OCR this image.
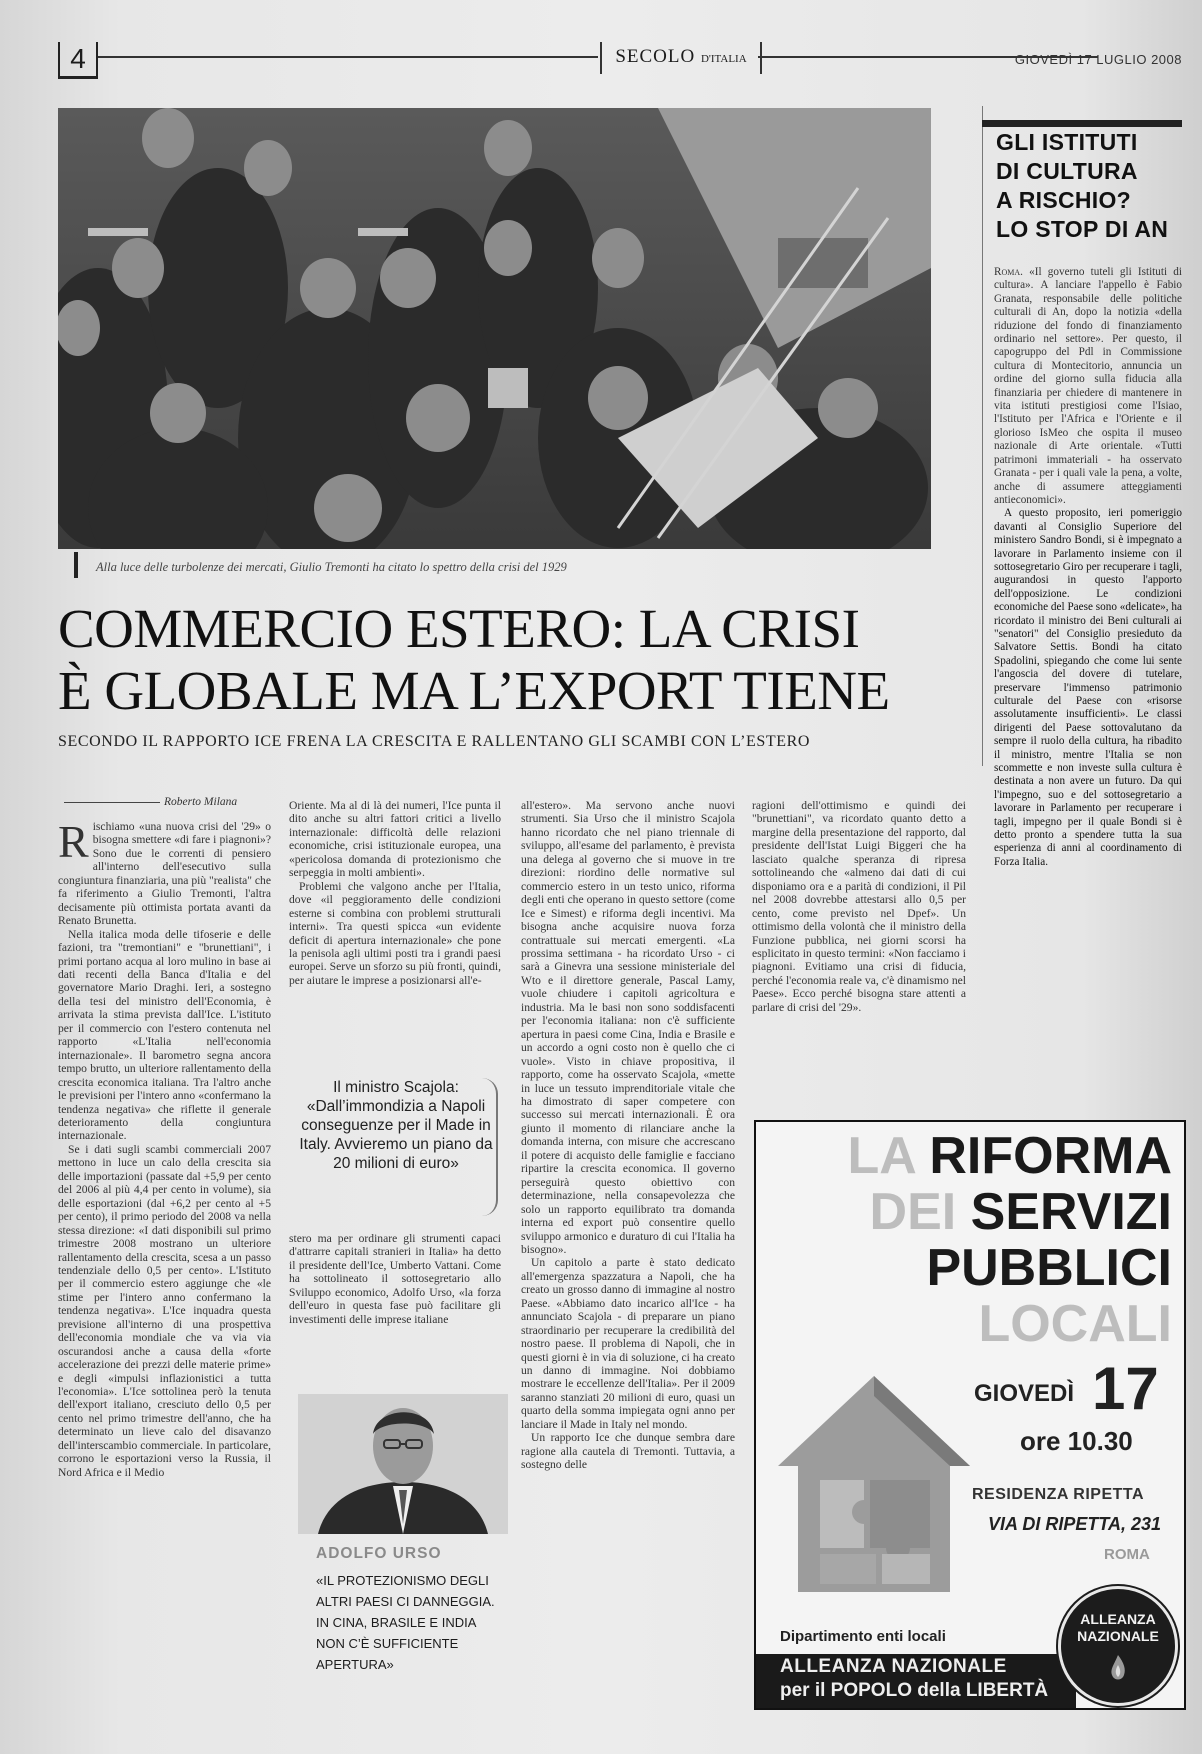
4	SECOLO D'ITALIA	GIOVEDÌ 17 LUGLIO 2008
Alla luce delle turbolenze dei mercati, Giulio Tremonti ha citato lo spettro della crisi del 1929
COMMERCIO ESTERO: LA CRISI
È GLOBALE MA L’EXPORT TIENE
SECONDO IL RAPPORTO ICE FRENA LA CRESCITA E RALLENTANO GLI SCAMBI CON L’ESTERO
Roberto Milana
R ischiamo «una nuova crisi del '29» o bisogna smettere «di fare i piagnoni»? Sono due le correnti di pensiero all'interno dell'esecutivo sulla congiuntura finanziaria, una più "realista" che fa riferimento a Giulio Tremonti, l'altra decisamente più ottimista portata avanti da Renato Brunetta.

Nella italica moda delle tifoserie e delle fazioni, tra "tremontiani" e "brunettiani", i primi portano acqua al loro mulino in base ai dati recenti della Banca d'Italia e del governatore Mario Draghi. Ieri, a sostegno della tesi del ministro dell'Economia, è arrivata la stima prevista dall'Ice. L'istituto per il commercio con l'estero contenuta nel rapporto «L'Italia nell'economia internazionale». Il barometro segna ancora tempo brutto, un ulteriore rallentamento della crescita economica italiana. Tra l'altro anche le previsioni per l'intero anno «confermano la tendenza negativa» che riflette il generale deterioramento della congiuntura internazionale.

Se i dati sugli scambi commerciali 2007 mettono in luce un calo della crescita sia delle importazioni (passate dal +5,9 per cento del 2006 al più 4,4 per cento in volume), sia delle esportazioni (dal +6,2 per cento al +5 per cento), il primo periodo del 2008 va nella stessa direzione: «I dati disponibili sul primo trimestre 2008 mostrano un ulteriore rallentamento della crescita, scesa a un passo tendenziale dello 0,5 per cento». L'Istituto per il commercio estero aggiunge che «le stime per l'intero anno confermano la tendenza negativa». L'Ice inquadra questa previsione all'interno di una prospettiva dell'economia mondiale che va via via oscurandosi anche a causa della «forte accelerazione dei prezzi delle materie prime» e degli «impulsi inflazionistici a tutta l'economia». L'Ice sottolinea però la tenuta dell'export italiano, cresciuto dello 0,5 per cento nel primo trimestre dell'anno, che ha determinato un lieve calo del disavanzo dell'interscambio commerciale. In particolare, corrono le esportazioni verso la Russia, il Nord Africa e il Medio

Oriente. Ma al di là dei numeri, l'Ice punta il dito anche su altri fattori critici a livello internazionale: difficoltà delle relazioni economiche, crisi istituzionale europea, una «pericolosa domanda di protezionismo che serpeggia in molti ambienti».

Problemi che valgono anche per l'Italia, dove «il peggioramento delle condizioni esterne si combina con problemi strutturali interni». Tra questi spicca «un evidente deficit di apertura internazionale» che pone la penisola agli ultimi posti tra i grandi paesi europei. Serve un sforzo su più fronti, quindi, per aiutare le imprese a posizionarsi all'e-

Il ministro Scajola: «Dall’immondizia a Napoli conseguenze per il Made in Italy. Avvieremo un piano da 20 milioni di euro»

stero ma per ordinare gli strumenti capaci d'attrarre capitali stranieri in Italia» ha detto il presidente dell'Ice, Umberto Vattani. Come ha sottolineato il sottosegretario allo Sviluppo economico, Adolfo Urso, «la forza dell'euro in questa fase può facilitare gli investimenti delle imprese italiane

ADOLFO URSO
«IL PROTEZIONISMO DEGLI ALTRI PAESI CI DANNEGGIA. IN CINA, BRASILE E INDIA NON C’È SUFFICIENTE APERTURA»

all'estero». Ma servono anche nuovi strumenti. Sia Urso che il ministro Scajola hanno ricordato che nel piano triennale di sviluppo, all'esame del parlamento, è prevista una delega al governo che si muove in tre direzioni: riordino delle normative sul commercio estero in un testo unico, riforma degli enti che operano in questo settore (come Ice e Simest) e riforma degli incentivi. Ma bisogna anche acquisire nuova forza contrattuale sui mercati emergenti. «La prossima settimana - ha ricordato Urso - ci sarà a Ginevra una sessione ministeriale del Wto e il direttore generale, Pascal Lamy, vuole chiudere i capitoli agricoltura e industria. Ma le basi non sono soddisfacenti per l'economia italiana: non c'è sufficiente apertura in paesi come Cina, India e Brasile e un accordo a ogni costo non è quello che ci vuole». Visto in chiave propositiva, il rapporto, come ha osservato Scajola, «mette in luce un tessuto imprenditoriale vitale che ha dimostrato di saper competere con successo sui mercati internazionali. È ora giunto il momento di rilanciare anche la domanda interna, con misure che accrescano il potere di acquisto delle famiglie e facciano ripartire la crescita economica. Il governo perseguirà questo obiettivo con determinazione, nella consapevolezza che solo un rapporto equilibrato tra domanda interna ed export può consentire quello sviluppo armonico e duraturo di cui l'Italia ha bisogno».

Un capitolo a parte è stato dedicato all'emergenza spazzatura a Napoli, che ha creato un grosso danno di immagine al nostro Paese. «Abbiamo dato incarico all'Ice - ha annunciato Scajola - di preparare un piano straordinario per recuperare la credibilità del nostro paese. Il problema di Napoli, che in questi giorni è in via di soluzione, ci ha creato un danno di immagine. Noi dobbiamo mostrare le eccellenze dell'Italia». Per il 2009 saranno stanziati 20 milioni di euro, quasi un quarto della somma impiegata ogni anno per lanciare il Made in Italy nel mondo.

Un rapporto Ice che dunque sembra dare ragione alla cautela di Tremonti. Tuttavia, a sostegno delle

ragioni dell'ottimismo e quindi dei "brunettiani", va ricordato quanto detto a margine della presentazione del rapporto, dal presidente dell'Istat Luigi Biggeri che ha lasciato qualche speranza di ripresa sottolineando che «almeno dai dati di cui disponiamo ora e a parità di condizioni, il Pil nel 2008 dovrebbe attestarsi allo 0,5 per cento, come previsto nel Dpef». Un ottimismo della volontà che il ministro della Funzione pubblica, nei giorni scorsi ha esplicitato in questo termini: «Non facciamo i piagnoni. Evitiamo una crisi di fiducia, perché l'economia reale va, c'è dinamismo nel Paese». Ecco perché bisogna stare attenti a parlare di crisi del '29».

GLI ISTITUTI
DI CULTURA
A RISCHIO?
LO STOP DI AN

Roma. «Il governo tuteli gli Istituti di cultura». A lanciare l'appello è Fabio Granata, responsabile delle politiche culturali di An, dopo la notizia «della riduzione del fondo di finanziamento ordinario nel settore». Per questo, il capogruppo del Pdl in Commissione cultura di Montecitorio, annuncia un ordine del giorno sulla fiducia alla finanziaria per chiedere di mantenere in vita istituti prestigiosi come l'Isiao, l'Istituto per l'Africa e l'Oriente e il glorioso IsMeo che ospita il museo nazionale di Arte orientale. «Tutti patrimoni immateriali - ha osservato Granata - per i quali vale la pena, a volte, anche di assumere atteggiamenti antieconomici».

A questo proposito, ieri pomeriggio davanti al Consiglio Superiore del ministero Sandro Bondi, si è impegnato a lavorare in Parlamento insieme con il sottosegretario Giro per recuperare i tagli, augurandosi in questo l'apporto dell'opposizione. Le condizioni economiche del Paese sono «delicate», ha ricordato il ministro dei Beni culturali ai "senatori" del Consiglio presieduto da Salvatore Settis. Bondi ha citato Spadolini, spiegando che come lui sente l'angoscia del dovere di tutelare, preservare l'immenso patrimonio culturale del Paese con «risorse assolutamente insufficienti». Le classi dirigenti del Paese sottovalutano da sempre il ruolo della cultura, ha ribadito il ministro, mentre l'Italia se non scommette e non investe sulla cultura è destinata a non avere un futuro. Da qui l'impegno, suo e del sottosegretario a lavorare in Parlamento per recuperare i tagli, impegno per il quale Bondi si è detto pronto a spendere tutta la sua esperienza di anni al coordinamento di Forza Italia.

LA RIFORMA
DEI SERVIZI
PUBBLICI
LOCALI
GIOVEDÌ 17
ore 10.30
RESIDENZA RIPETTA
VIA DI RIPETTA, 231
ROMA
Dipartimento enti locali
ALLEANZA NAZIONALE
per il POPOLO della LIBERTÀ
ALLEANZA NAZIONALE
